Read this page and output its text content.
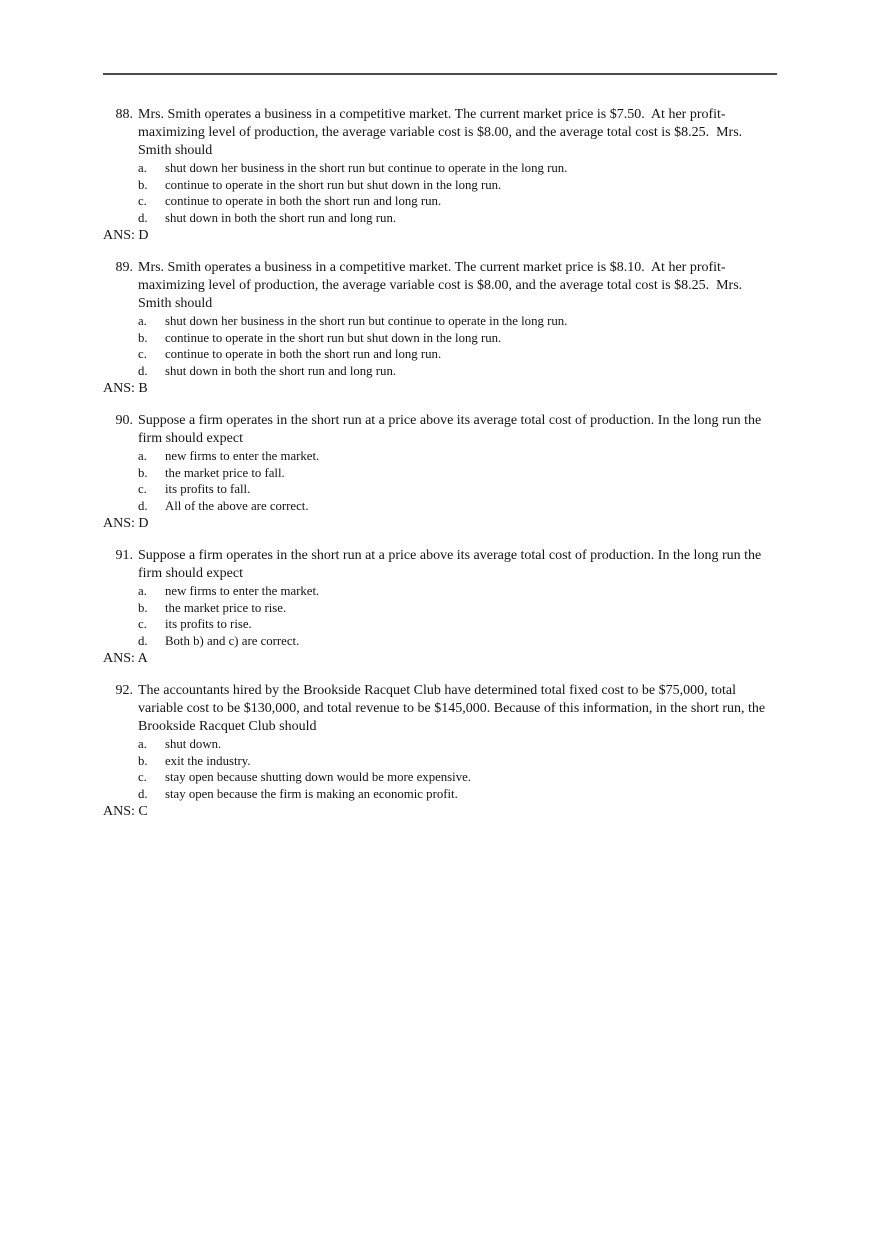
88. Mrs. Smith operates a business in a competitive market. The current market price is $7.50.  At her profit-maximizing level of production, the average variable cost is $8.00, and the average total cost is $8.25.  Mrs. Smith should
a.	shut down her business in the short run but continue to operate in the long run.
b.	continue to operate in the short run but shut down in the long run.
c.	continue to operate in both the short run and long run.
d.	shut down in both the short run and long run.
ANS: D
89. Mrs. Smith operates a business in a competitive market. The current market price is $8.10.  At her profit-maximizing level of production, the average variable cost is $8.00, and the average total cost is $8.25.  Mrs. Smith should
a.	shut down her business in the short run but continue to operate in the long run.
b.	continue to operate in the short run but shut down in the long run.
c.	continue to operate in both the short run and long run.
d.	shut down in both the short run and long run.
ANS: B
90. Suppose a firm operates in the short run at a price above its average total cost of production. In the long run the firm should expect
a.	new firms to enter the market.
b.	the market price to fall.
c.	its profits to fall.
d.	All of the above are correct.
ANS: D
91. Suppose a firm operates in the short run at a price above its average total cost of production. In the long run the firm should expect
a.	new firms to enter the market.
b.	the market price to rise.
c.	its profits to rise.
d.	Both b) and c) are correct.
ANS: A
92. The accountants hired by the Brookside Racquet Club have determined total fixed cost to be $75,000, total variable cost to be $130,000, and total revenue to be $145,000. Because of this information, in the short run, the Brookside Racquet Club should
a.	shut down.
b.	exit the industry.
c.	stay open because shutting down would be more expensive.
d.	stay open because the firm is making an economic profit.
ANS: C
